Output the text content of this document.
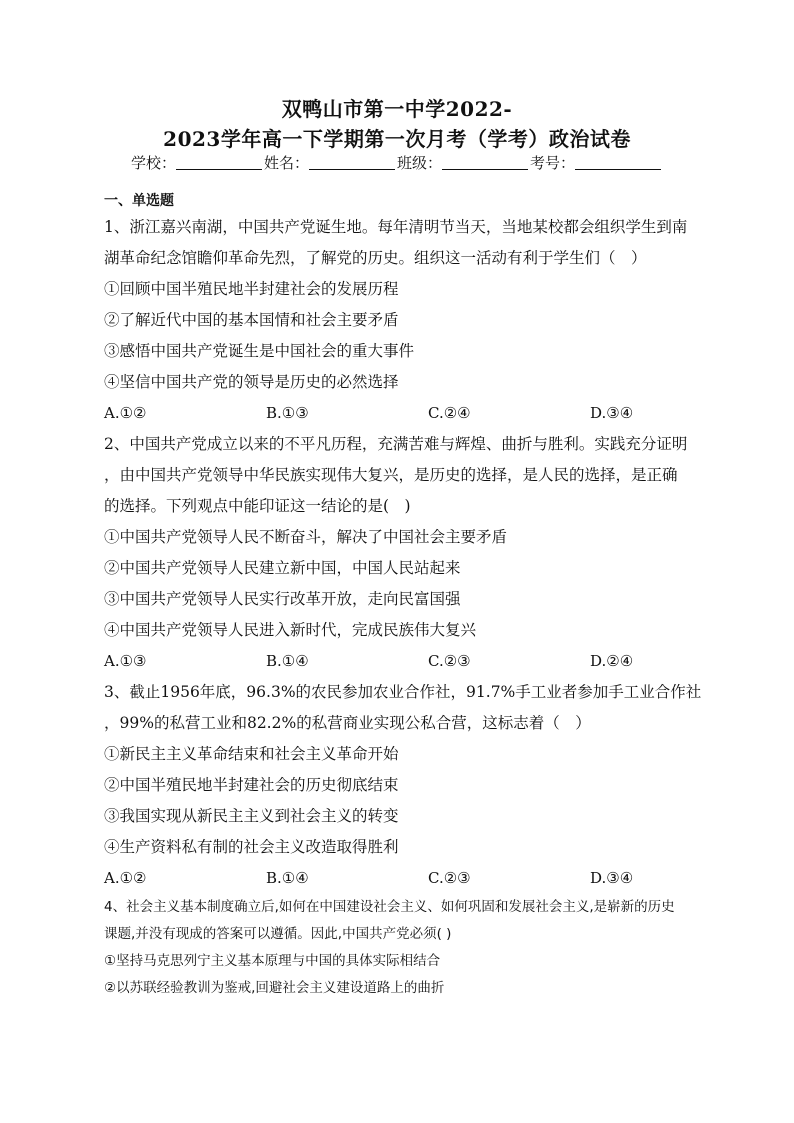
双鸭山市第一中学2022-
2023学年高一下学期第一次月考（学考）政治试卷
学校：	姓名：	班级：	考号：
一、单选题
1、浙江嘉兴南湖，中国共产党诞生地。每年清明节当天，当地某校都会组织学生到南
湖革命纪念馆瞻仰革命先烈，了解党的历史。组织这一活动有利于学生们（　）
①回顾中国半殖民地半封建社会的发展历程
②了解近代中国的基本国情和社会主要矛盾
③感悟中国共产党诞生是中国社会的重大事件
④坚信中国共产党的领导是历史的必然选择
A.①②	B.①③	C.②④	D.③④
2、中国共产党成立以来的不平凡历程，充满苦难与辉煌、曲折与胜利。实践充分证明
，由中国共产党领导中华民族实现伟大复兴，是历史的选择，是人民的选择，是正确
的选择。下列观点中能印证这一结论的是(　)
①中国共产党领导人民不断奋斗，解决了中国社会主要矛盾
②中国共产党领导人民建立新中国，中国人民站起来
③中国共产党领导人民实行改革开放，走向民富国强
④中国共产党领导人民进入新时代，完成民族伟大复兴
A.①③	B.①④	C.②③	D.②④
3、截止1956年底，96.3%的农民参加农业合作社，91.7%手工业者参加手工业合作社
，99%的私营工业和82.2%的私营商业实现公私合营，这标志着（　）
①新民主主义革命结束和社会主义革命开始
②中国半殖民地半封建社会的历史彻底结束
③我国实现从新民主主义到社会主义的转变
④生产资料私有制的社会主义改造取得胜利
A.①②	B.①④	C.②③	D.③④
4、社会主义基本制度确立后,如何在中国建设社会主义、如何巩固和发展社会主义,是崭新的历史
课题,并没有现成的答案可以遵循。因此,中国共产党必须( )
①坚持马克思列宁主义基本原理与中国的具体实际相结合
②以苏联经验教训为鉴戒,回避社会主义建设道路上的曲折
